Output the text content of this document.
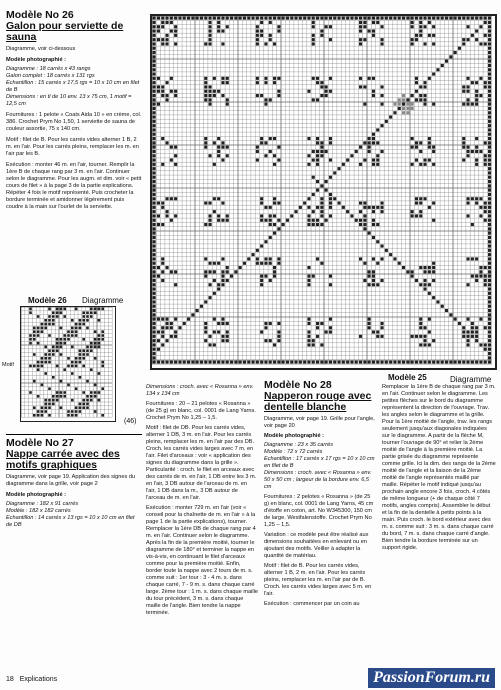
Modèle No 26
Galon pour serviette de sauna

Diagramme, voir ci-dessous

Modèle photographié :

Diagramme : 18 carrés x 43 rangs
Galon complet : 18 carrés x 131 rgs
Echantillon : 15 carrés x 17,5 rgs = 10 x 10 cm en filet de B

Dimensions : en tl de 10 env. 13 x 75 cm, 1 motif = 12,5 cm

Fournitures : 1 pelote « Coats Aida 10 » en crème, col. 386. Crochet Prym No 1,50, 1 serviette de sauna de couleur assortie, 75 x 140 cm.

Motif : filet de B. Pour les carrés vides alterner 1 B, 2 m. en l'air. Pour les carrés pleins, remplacer les m. en l'air par les B.

Exécution : monter 46 m. en l'air, tourner. Remplir la 1ère B de chaque rang par 3 m. en l'air. Continuer selon le diagramme. Pour les augm. et dim. voir « petit cours de filet » à la page 3 de la partie explications. Répéter 4 fois le motif représenté. Puis crocheter la bordure terminée et amidonner légèrement puis coudre à la main sur l'ourlet de la serviette.

Modèle 26 Diagramme
Motif
(46)
Modèle No 27
Nappe carrée avec des motifs graphiques

Diagramme, voir page 19. Application des signes du diagramme dans la grille, voir page 2

Modèle photographié :

Diagramme : 182 x 91 carrés
Modèle : 182 x 182 carrés
Echantillon : 14 carrés x 13 rgs = 10 x 10 cm en filet de DB
Modèle 25	Diagramme

Dimensions : croch. avec « Rosanna » env. 134 x 134 cm

Fournitures : 20 – 21 pelotes « Rosanna » (de 25 g) en blanc, col. 0001 de Lang Yarns. Crochet Prym No 1,25 – 1,5.

Motif : filet de DB. Pour les carrés vides, alterner 1 DB, 3 m. en l'air. Pour les carrés pleins, remplacer les m. en l'air par des DB. Croch. les carrés vides larges avec 7 m. en l'air. Filet d'arceaux : voir « application des signes du diagramme dans la grille ». Particularité : croch. le filet en arceaux avec des carrés de m. en l'air, 1 DB entre les 3 m. en l'air, 3 DB autour de l'arceau de m. en l'air, 1 DB dans la m., 3 DB autour de l'arceau de m. en l'air.

Exécution : monter 729 m. en l'air (voir « conseil pour la chaînette de m. en l'air » à la page 1 de la partie explications), tourner. Remplacer la 1ère DB de chaque rang par 4 m. en l'air. Continuer selon le diagramme. Après la fin de la première moitié, tourner le diagramme de 180° et terminer la nappe en vis-à-vis, en continuant le filet d'arceaux comme pour la première moitié. Enfin, border toute la nappe avec 2 tours de m. s. comme suit : 1er tour : 3 - 4 m. s. dans chaque carré, 7 - 9 m. s. dans chaque carré large. 2ème tour : 1 m. s. dans chaque maille du tour précédent, 3 m. s. dans chaque maille de l'angle. Bien tendre la nappe terminée.

Modèle No 28
Napperon rouge avec dentelle blanche

Diagramme, voir page 19. Grille pour l'angle, voir page 20

Modèle photographié :

Diagramme : 23 x 35 carrés
Modèle : 72 x 72 carrés
Echantillon : 17 carrés x 17 rgs = 10 x 10 cm en filet de B

Dimensions : croch. avec « Rosanna » env. 50 x 50 cm ; largeur de la bordure env. 6,5 cm

Fournitures : 2 pelotes « Rosanna » (de 25 g) en blanc, col. 0001 de Lang Yarns, 45 cm d'étoffe en coton, art. No W345300, 150 cm de large. Westfalenstoffe. Crochet Prym No 1,25 – 1,5.

Variation : ce modèle peut être réalisé aux dimensions souhaitées en enlevant ou en ajoutant des motifs. Veiller à adapter la quantité de matériau.

Motif : filet de B. Pour les carrés vides, alterner 1 B, 2 m. en l'air. Pour les carrés pleins, remplacer les m. en l'air par de B. Croch. les carrés vides larges avec 5 m. en l'air.

Exécution : commencer par un coin au

Remplacer la 1ère B de chaque rang par 3 m. en l'air. Continuer selon le diagramme. Les petites flèches sur le bord du diagramme représentent la direction de l'ouvrage. Trav. les angles selon le diagramme et la grille. Pour la 1ère moitié de l'angle, trav. les rangs seulement jusqu'aux diagonales indiquées sur le diagramme. A partir de la flèche M, tourner l'ouvrage de 90° et relier la 2ème moitié de l'angle à la première moitié. La partie grisée du diagramme représente comme grille. Ici la dim. des rangs de la 2ème moitié de l'angle et la liaison de la 2ème moitié de l'angle représentés maillé par maille. Répéter le motif indiqué jusqu'au prochain angle encore 3 fois, croch. 4 côtés de même longueur (+ de chaque côté 7 motifs, angles compris). Assembler le début et la fin de la dentelle à petits points à la main. Puis croch. le bord extérieur avec des m. s. comme suit : 3 m. s. dans chaque carré du bord, 7 m. s. dans chaque carré d'angle. Bien tendre la bordure terminée sur un support rigide.

18 Explications	PassionForum.ru
